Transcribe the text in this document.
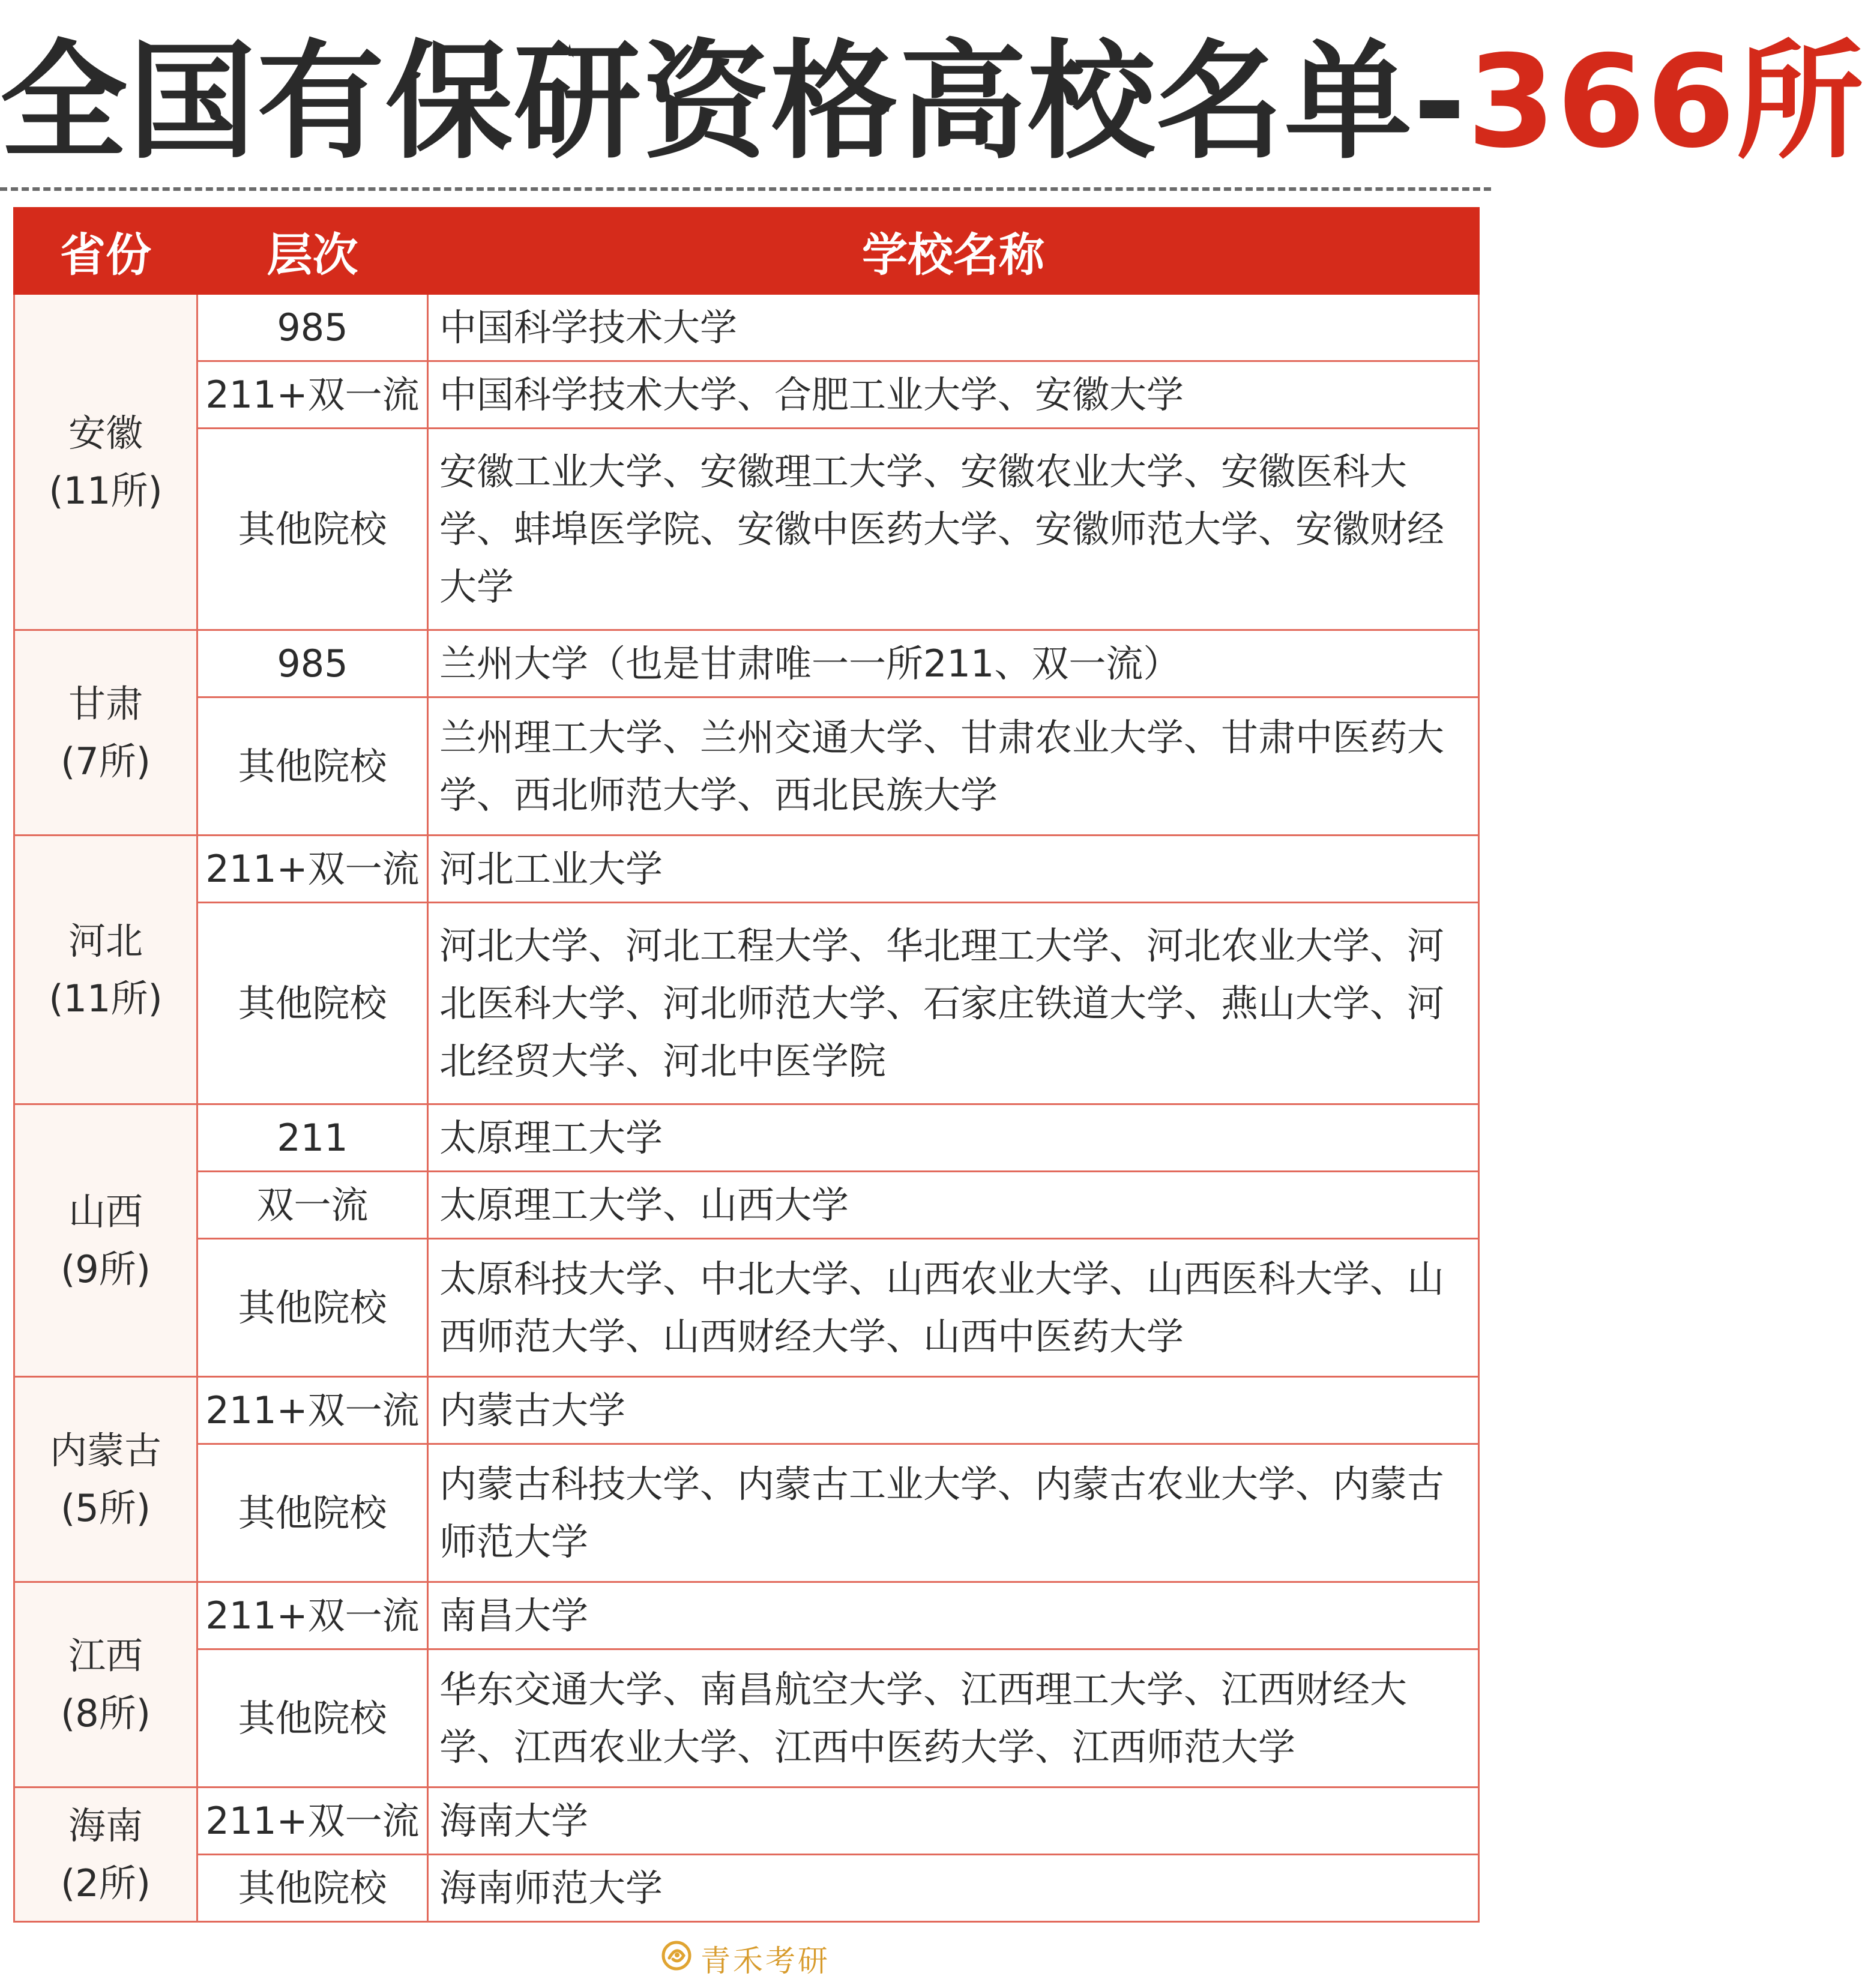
全国有保研资格高校名单-366所
省份	层次	学校名称

安徽
(11所)	985	中国科学技术大学
	211+双一流	中国科学技术大学、合肥工业大学、安徽大学
	其他院校	安徽工业大学、安徽理工大学、安徽农业大学、安徽医科大学、蚌埠医学院、安徽中医药大学、安徽师范大学、安徽财经大学

甘肃
(7所)	985	兰州大学（也是甘肃唯一一所211、双一流）
	其他院校	兰州理工大学、兰州交通大学、甘肃农业大学、甘肃中医药大学、西北师范大学、西北民族大学

河北
(11所)	211+双一流	河北工业大学
	其他院校	河北大学、河北工程大学、华北理工大学、河北农业大学、河北医科大学、河北师范大学、石家庄铁道大学、燕山大学、河北经贸大学、河北中医学院

山西
(9所)	211	太原理工大学
	双一流	太原理工大学、山西大学
	其他院校	太原科技大学、中北大学、山西农业大学、山西医科大学、山西师范大学、山西财经大学、山西中医药大学

内蒙古
(5所)	211+双一流	内蒙古大学
	其他院校	内蒙古科技大学、内蒙古工业大学、内蒙古农业大学、内蒙古师范大学

江西
(8所)	211+双一流	南昌大学
	其他院校	华东交通大学、南昌航空大学、江西理工大学、江西财经大学、江西农业大学、江西中医药大学、江西师范大学

海南
(2所)	211+双一流	海南大学
	其他院校	海南师范大学
青禾考研
